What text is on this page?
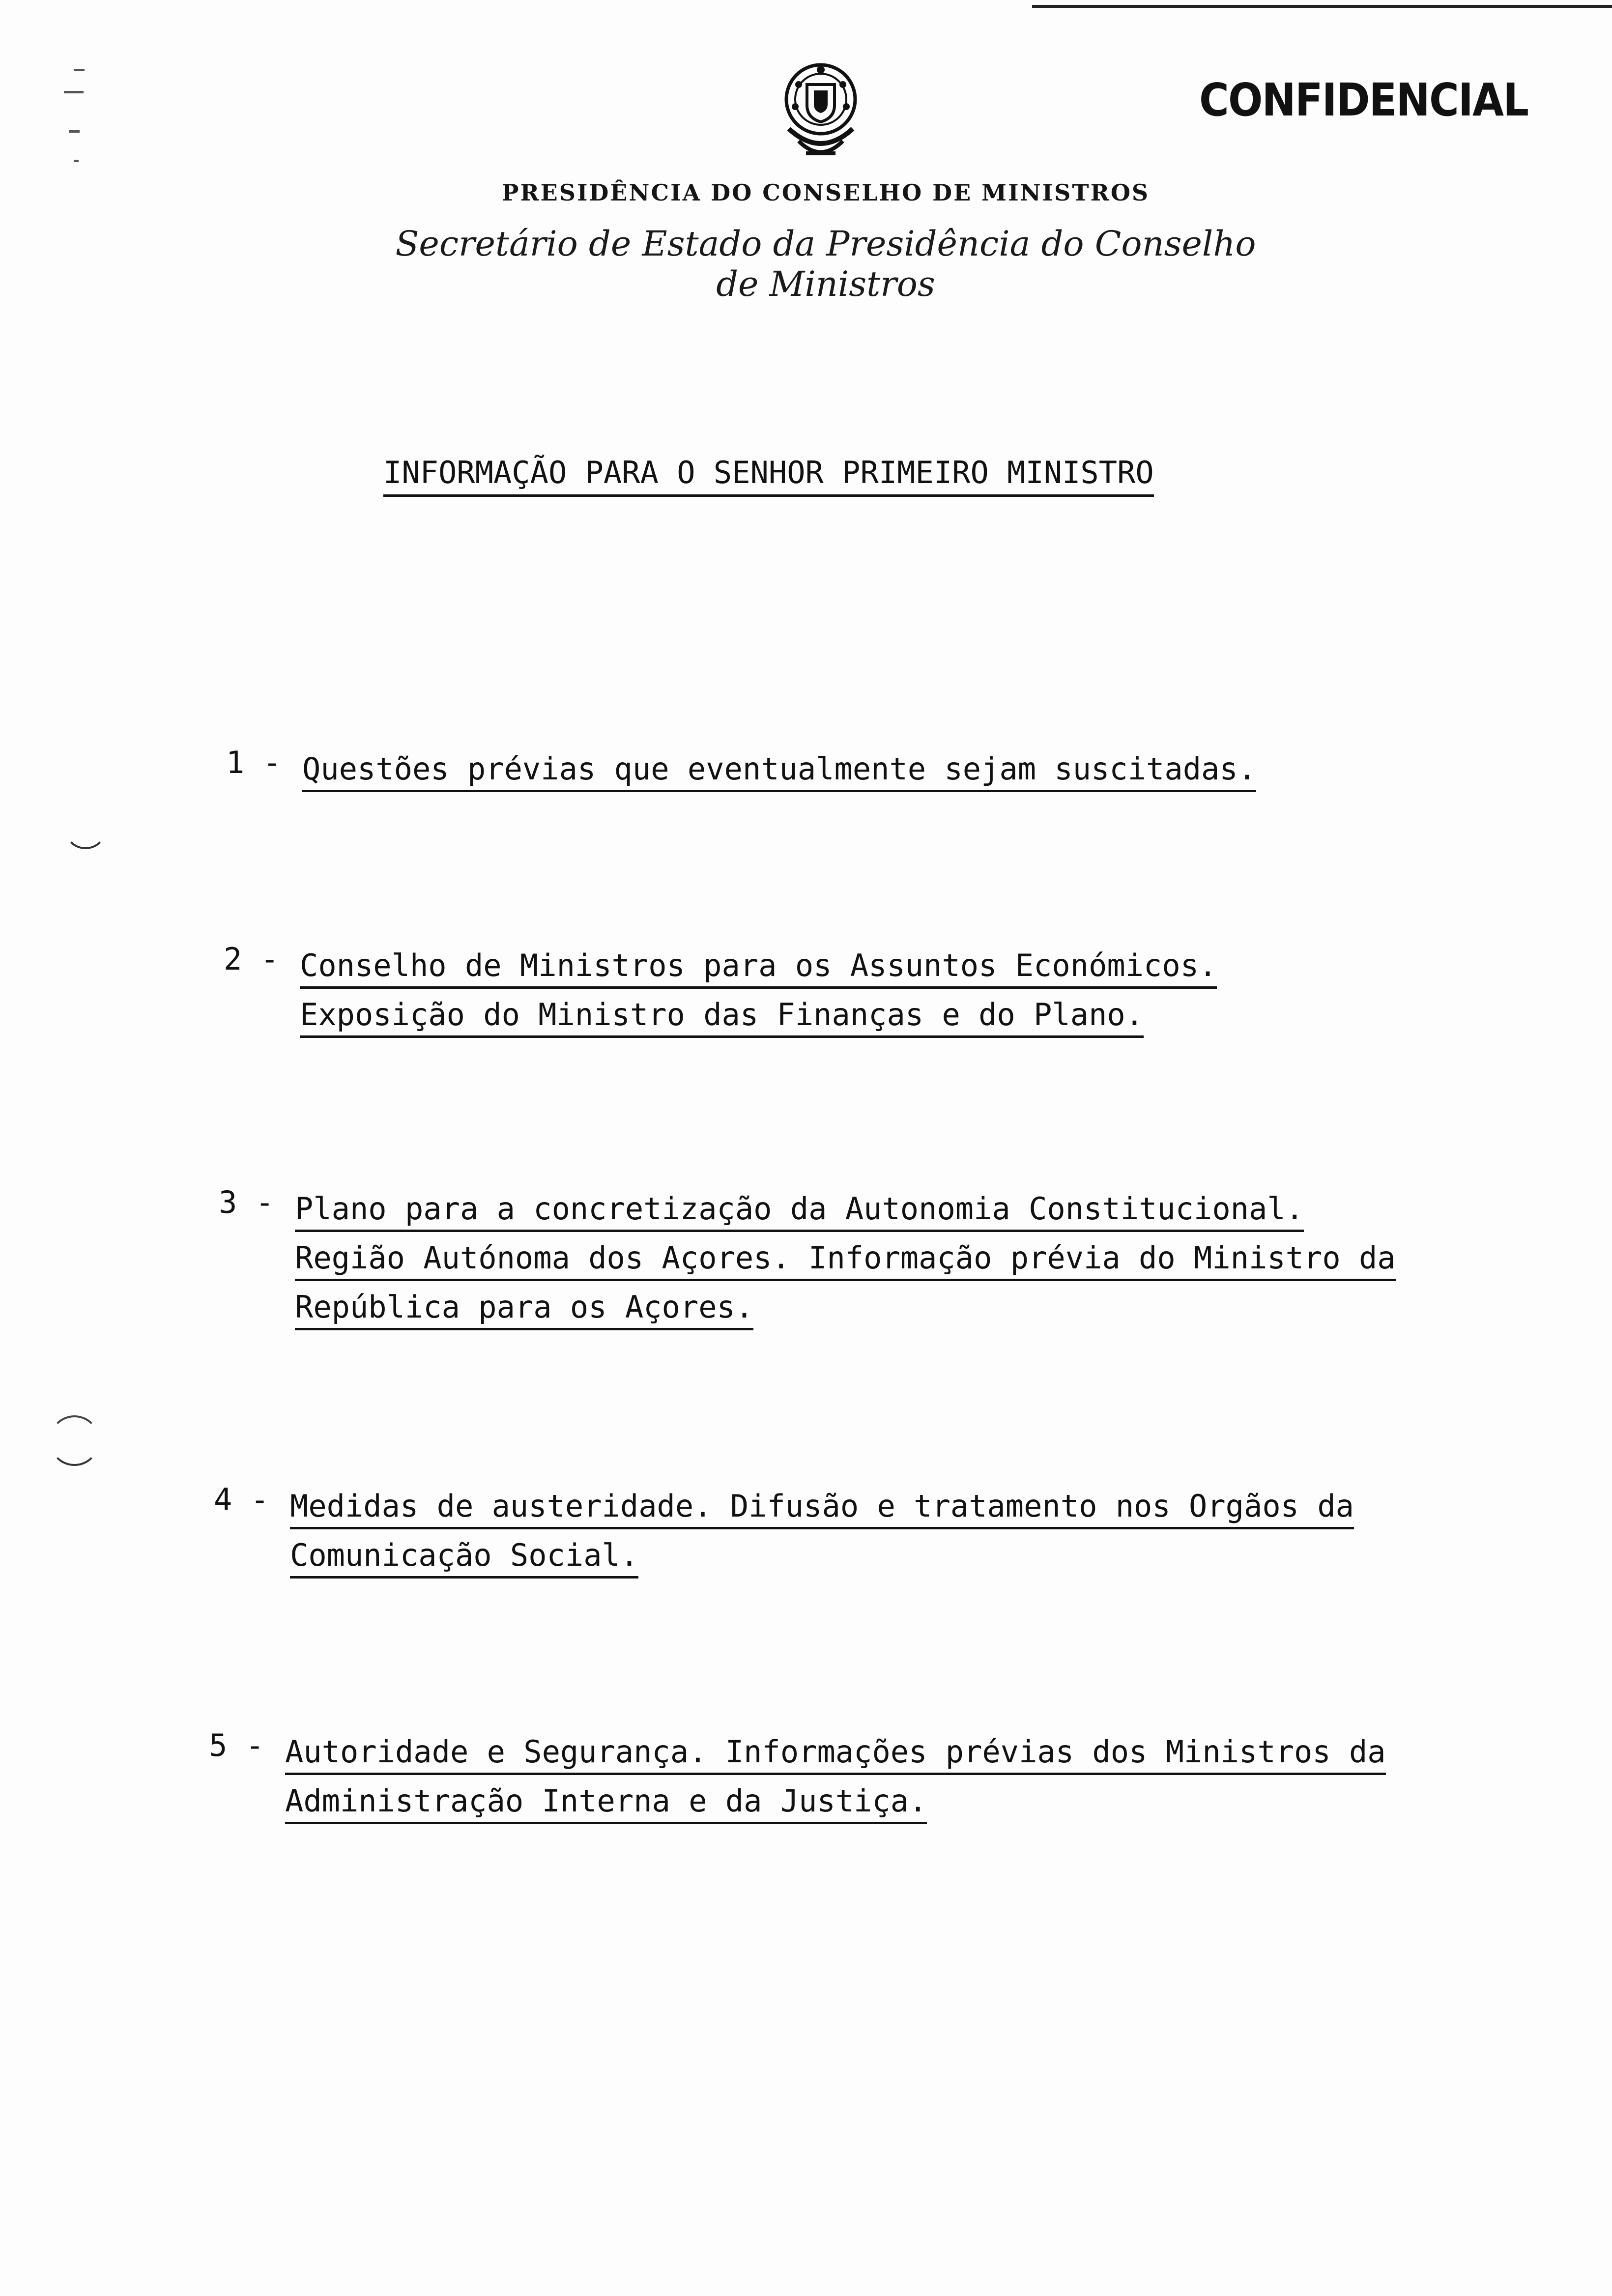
CONFIDENCIAL
PRESIDÊNCIA DO CONSELHO DE MINISTROS
Secretário de Estado da Presidência do Conselho de Ministros
INFORMAÇÃO PARA O SENHOR PRIMEIRO MINISTRO
1 - Questões prévias que eventualmente sejam suscitadas.
2 - Conselho de Ministros para os Assuntos Económicos. Exposição do Ministro das Finanças e do Plano.
3 - Plano para a concretização da Autonomia Constitucional. Região Autónoma dos Açores. Informação prévia do Ministro da República para os Açores.
4 - Medidas de austeridade. Difusão e tratamento nos Orgãos da Comunicação Social.
5 - Autoridade e Segurança. Informações prévias dos Ministros da Administração Interna e da Justiça.
